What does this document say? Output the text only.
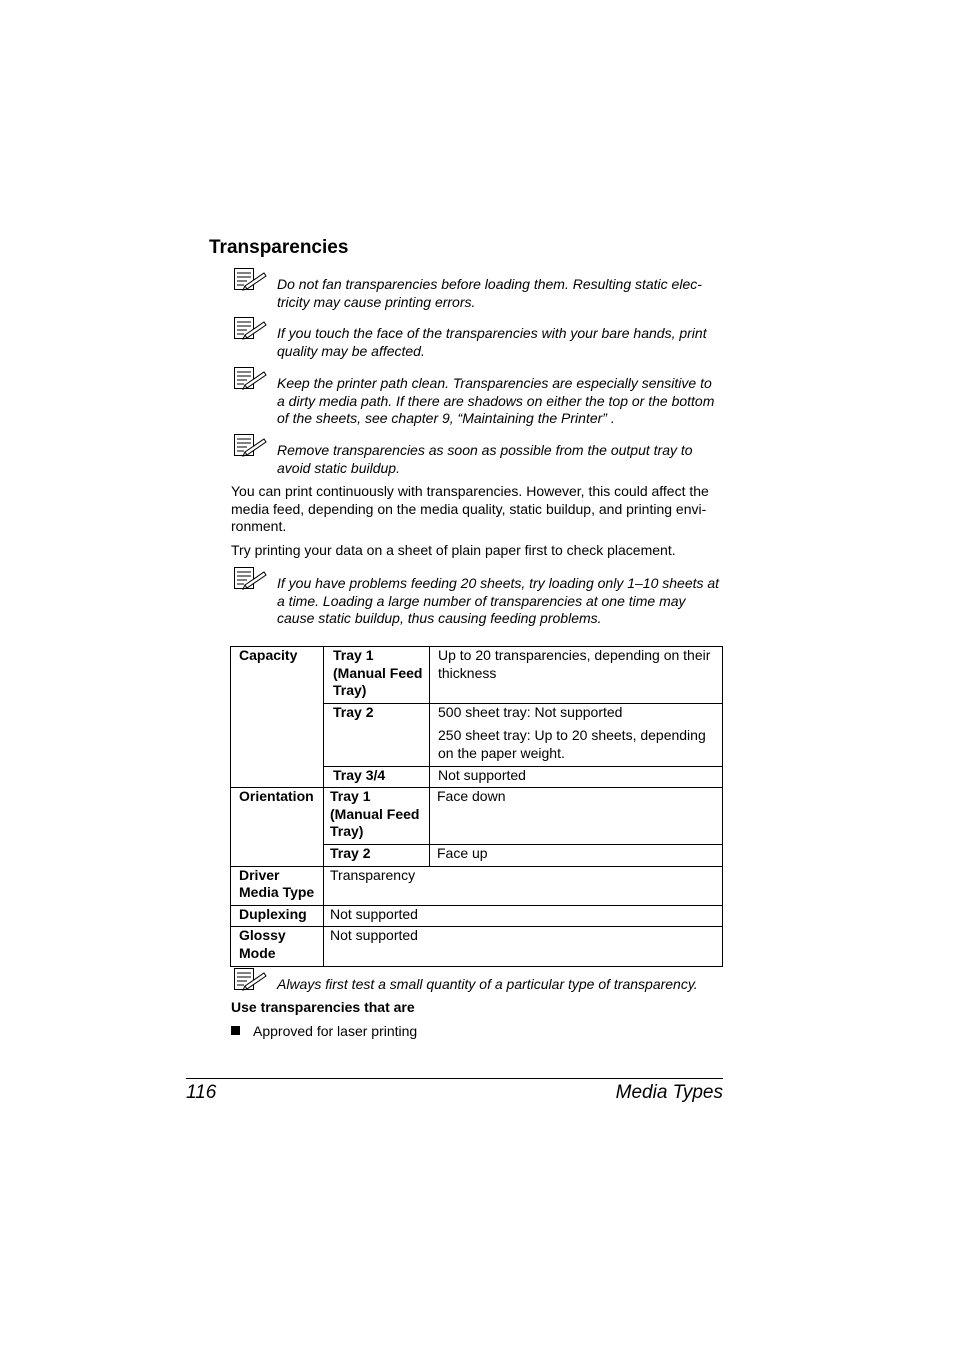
Transparencies
Do not fan transparencies before loading them. Resulting static elec-tricity may cause printing errors.
If you touch the face of the transparencies with your bare hands, print quality may be affected.
Keep the printer path clean. Transparencies are especially sensitive to a dirty media path. If there are shadows on either the top or the bottom of the sheets, see chapter 9, “Maintaining the Printer” .
Remove transparencies as soon as possible from the output tray to avoid static buildup.
You can print continuously with transparencies. However, this could affect the media feed, depending on the media quality, static buildup, and printing envi-ronment.
Try printing your data on a sheet of plain paper first to check placement.
If you have problems feeding 20 sheets, try loading only 1–10 sheets at a time. Loading a large number of transparencies at one time may cause static buildup, thus causing feeding problems.
Capacity	Tray 1 (Manual Feed Tray)	Up to 20 transparencies, depending on their thickness
	Tray 2	500 sheet tray: Not supported
250 sheet tray: Up to 20 sheets, depending on the paper weight.

	Tray 3/4	Not supported
Orientation	Tray 1 (Manual Feed Tray)	Face down
	Tray 2	Face up
Driver Media Type	Transparency	
Duplexing	Not supported	
Glossy Mode	Not supported	
Always first test a small quantity of a particular type of transparency.
Use transparencies that are
Approved for laser printing
116	Media Types
